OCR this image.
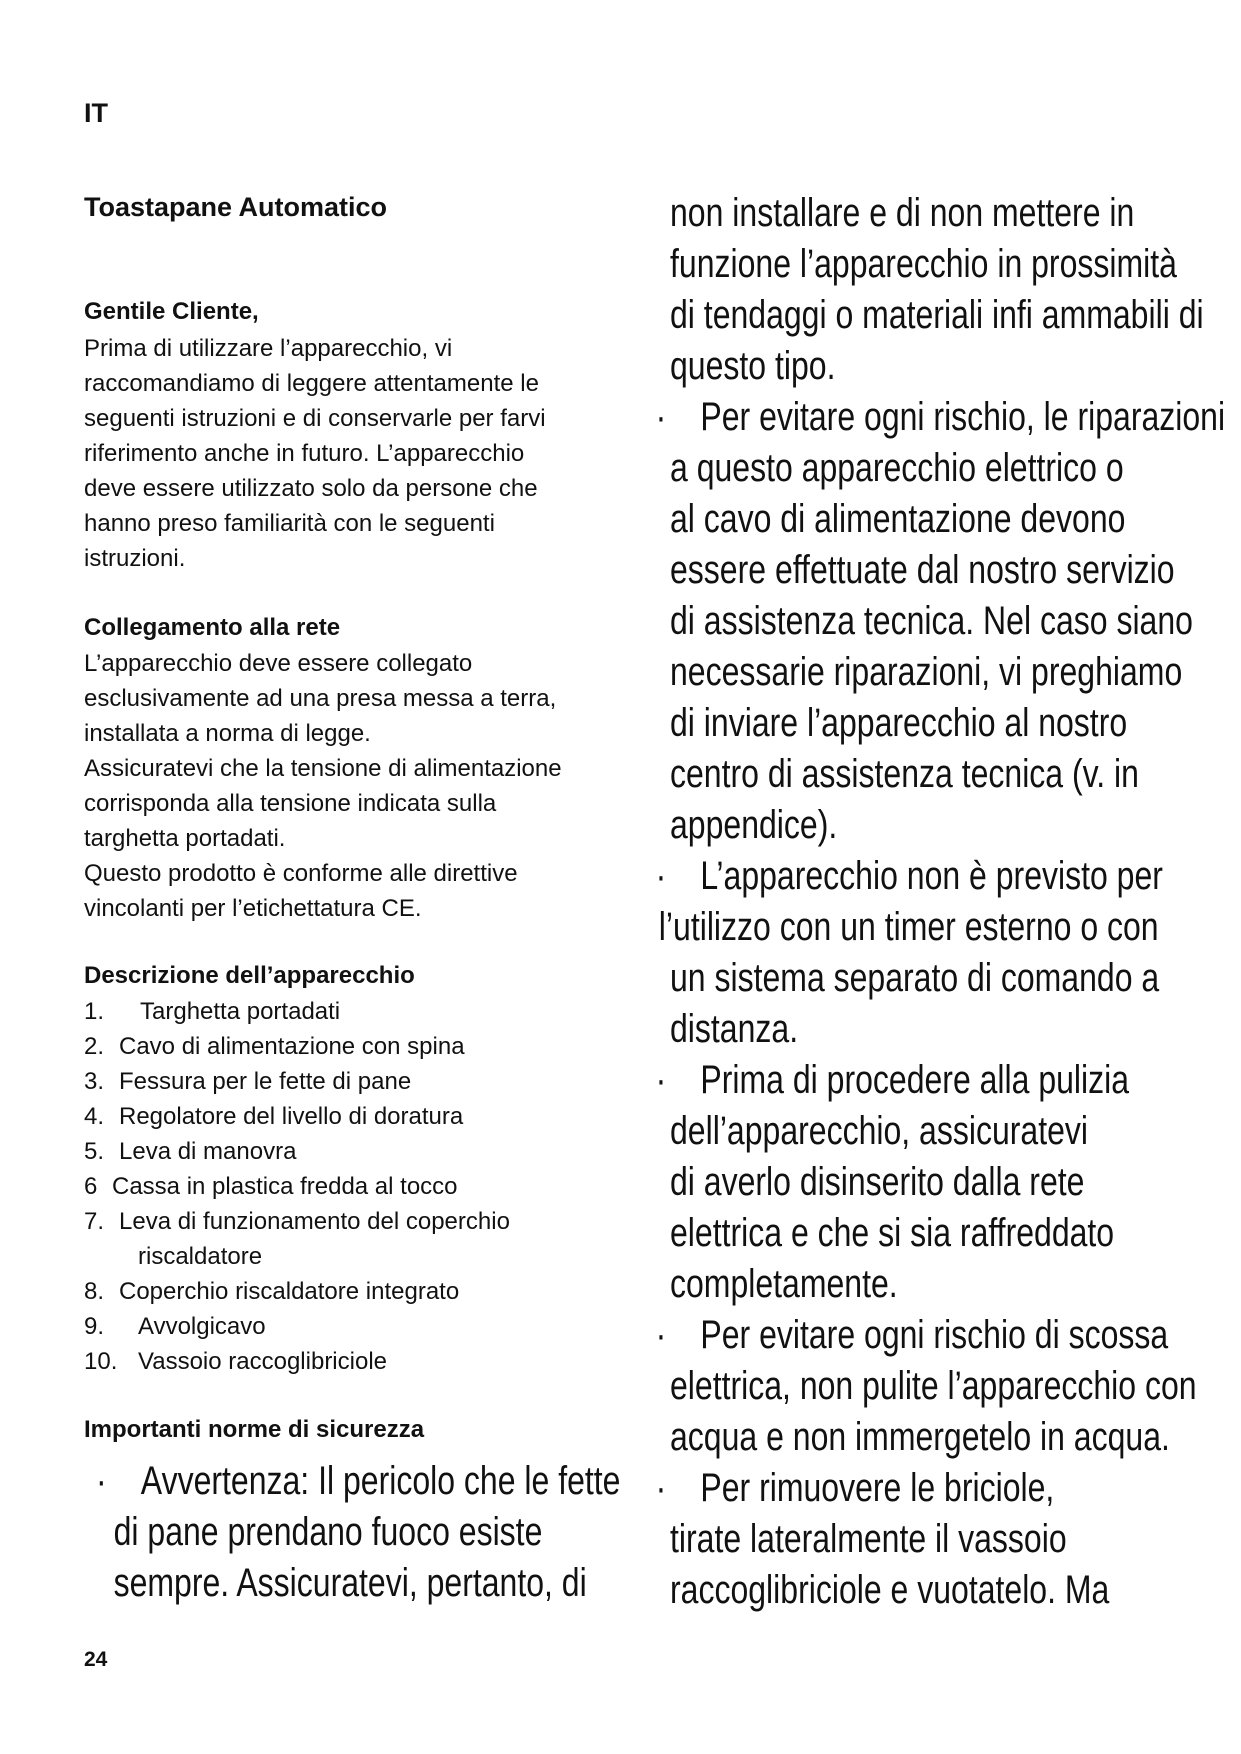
IT
Toastapane Automatico
Gentile Cliente,
Prima di utilizzare l’apparecchio, vi
raccomandiamo di leggere attentamente le
seguenti istruzioni e di conservarle per farvi
riferimento anche in futuro. L’apparecchio
deve essere utilizzato solo da persone che
hanno preso familiarità con le seguenti
istruzioni.
Collegamento alla rete
L’apparecchio deve essere collegato
esclusivamente ad una presa messa a terra,
installata a norma di legge.
Assicuratevi che la tensione di alimentazione
corrisponda alla tensione indicata sulla
targhetta portadati.
Questo prodotto è conforme alle direttive
vincolanti per l’etichettatura CE.
Descrizione dell’apparecchio
1. Targhetta portadati
2. Cavo di alimentazione con spina
3. Fessura per le fette di pane
4. Regolatore del livello di doratura
5. Leva di manovra
6 Cassa in plastica fredda al tocco
7. Leva di funzionamento del coperchio
riscaldatore
8. Coperchio riscaldatore integrato
9. Avvolgicavo
10. Vassoio raccoglibriciole
Importanti norme di sicurezza
· Avvertenza: Il pericolo che le fette
di pane prendano fuoco esiste
sempre. Assicuratevi, pertanto, di
non installare e di non mettere in
funzione l’apparecchio in prossimità
di tendaggi o materiali infi ammabili di
questo tipo.
· Per evitare ogni rischio, le riparazioni
a questo apparecchio elettrico o
al cavo di alimentazione devono
essere effettuate dal nostro servizio
di assistenza tecnica. Nel caso siano
necessarie riparazioni, vi preghiamo
di inviare l’apparecchio al nostro
centro di assistenza tecnica (v. in
appendice).
· L’apparecchio non è previsto per
l’utilizzo con un timer esterno o con
un sistema separato di comando a
distanza.
· Prima di procedere alla pulizia
dell’apparecchio, assicuratevi
di averlo disinserito dalla rete
elettrica e che si sia raffreddato
completamente.
· Per evitare ogni rischio di scossa
elettrica, non pulite l’apparecchio con
acqua e non immergetelo in acqua.
· Per rimuovere le briciole,
tirate lateralmente il vassoio
raccoglibriciole e vuotatelo. Ma
24
